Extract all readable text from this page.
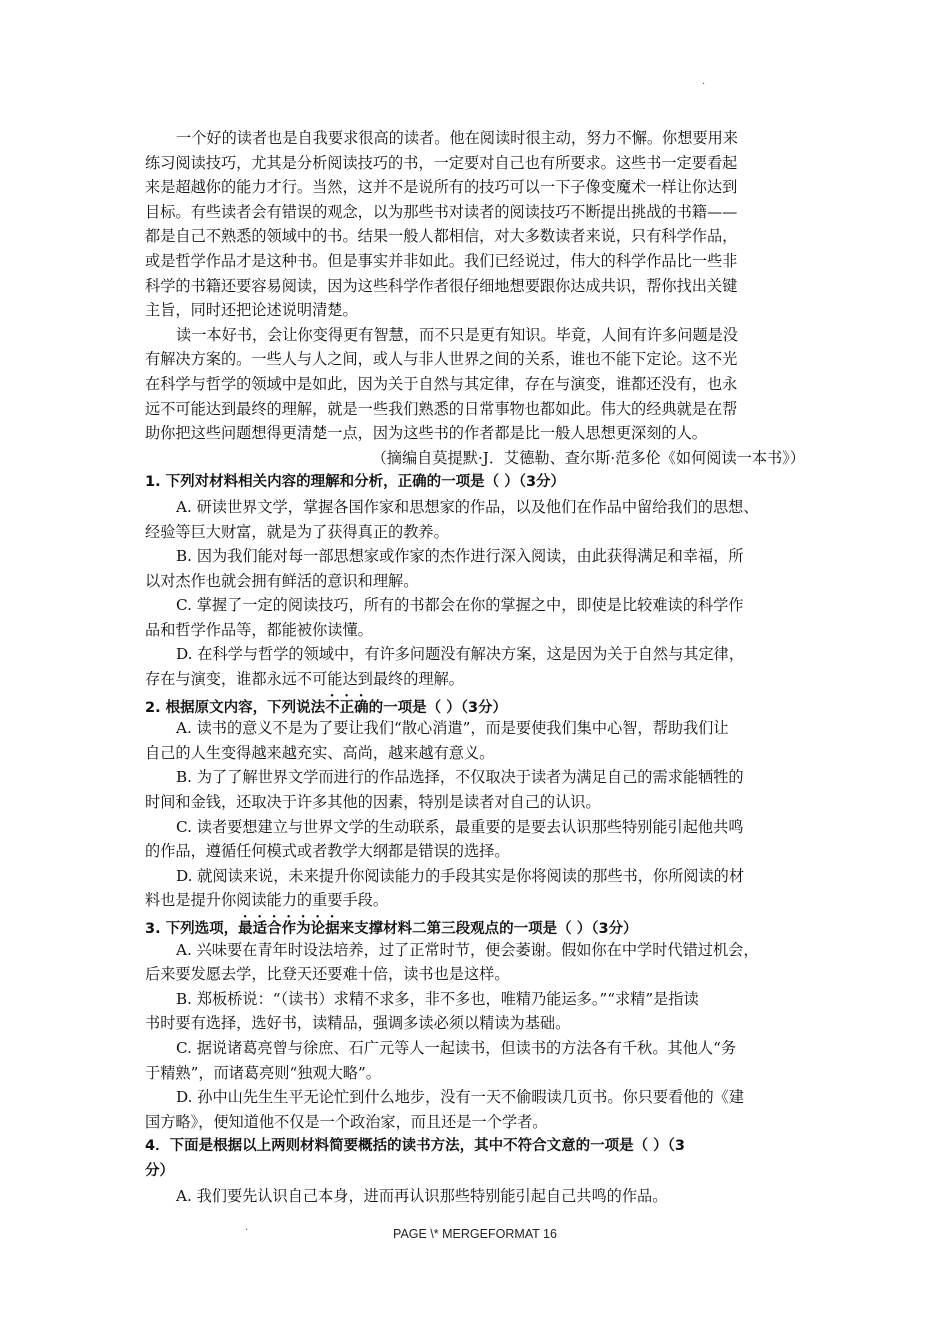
.
.
一个好的读者也是自我要求很高的读者。他在阅读时很主动，努力不懈。你想要用来
练习阅读技巧，尤其是分析阅读技巧的书，一定要对自己也有所要求。这些书一定要看起
来是超越你的能力才行。当然，这并不是说所有的技巧可以一下子像变魔术一样让你达到
目标。有些读者会有错误的观念，以为那些书对读者的阅读技巧不断提出挑战的书籍——
都是自己不熟悉的领域中的书。结果一般人都相信，对大多数读者来说，只有科学作品，
或是哲学作品才是这种书。但是事实并非如此。我们已经说过，伟大的科学作品比一些非
科学的书籍还要容易阅读，因为这些科学作者很仔细地想要跟你达成共识，帮你找出关键
主旨，同时还把论述说明清楚。
读一本好书，会让你变得更有智慧，而不只是更有知识。毕竟，人间有许多问题是没
有解决方案的。一些人与人之间，或人与非人世界之间的关系，谁也不能下定论。这不光
在科学与哲学的领域中是如此，因为关于自然与其定律，存在与演变，谁都还没有，也永
远不可能达到最终的理解，就是一些我们熟悉的日常事物也都如此。伟大的经典就是在帮
助你把这些问题想得更清楚一点，因为这些书的作者都是比一般人思想更深刻的人。
（摘编自莫提默·J．艾德勒、查尔斯·范多伦《如何阅读一本书》）
1. 下列对材料相关内容的理解和分析，正确的一项是（ ）（3分）
A. 研读世界文学，掌握各国作家和思想家的作品，以及他们在作品中留给我们的思想、
经验等巨大财富，就是为了获得真正的教养。
B. 因为我们能对每一部思想家或作家的杰作进行深入阅读，由此获得满足和幸福，所
以对杰作也就会拥有鲜活的意识和理解。
C. 掌握了一定的阅读技巧，所有的书都会在你的掌握之中，即使是比较难读的科学作
品和哲学作品等，都能被你读懂。
D. 在科学与哲学的领域中，有许多问题没有解决方案，这是因为关于自然与其定律，
存在与演变，谁都永远不可能达到最终的理解。
2. 根据原文内容，下列说法不正确的一项是（ ）（3分）
A. 读书的意义不是为了要让我们“散心消遣”，而是要使我们集中心智，帮助我们让
自己的人生变得越来越充实、高尚，越来越有意义。
B. 为了了解世界文学而进行的作品选择，不仅取决于读者为满足自己的需求能牺牲的
时间和金钱，还取决于许多其他的因素，特别是读者对自己的认识。
C. 读者要想建立与世界文学的生动联系，最重要的是要去认识那些特别能引起他共鸣
的作品，遵循任何模式或者教学大纲都是错误的选择。
D. 就阅读来说，未来提升你阅读能力的手段其实是你将阅读的那些书，你所阅读的材
料也是提升你阅读能力的重要手段。
3. 下列选项，最适合作为论据来支撑材料二第三段观点的一项是（ ）（3分）
A. 兴味要在青年时设法培养，过了正常时节，便会萎谢。假如你在中学时代错过机会，
后来要发愿去学，比登天还要难十倍，读书也是这样。
B. 郑板桥说：“（读书）求精不求多，非不多也，唯精乃能运多。”“求精”是指读
书时要有选择，选好书，读精品，强调多读必须以精读为基础。
C. 据说诸葛亮曾与徐庶、石广元等人一起读书，但读书的方法各有千秋。其他人“务
于精熟”，而诸葛亮则“独观大略”。
D. 孙中山先生生平无论忙到什么地步，没有一天不偷暇读几页书。你只要看他的《建
国方略》，便知道他不仅是一个政治家，而且还是一个学者。
4．下面是根据以上两则材料简要概括的读书方法，其中不符合文意的一项是（ ）（3
分）
A. 我们要先认识自己本身，进而再认识那些特别能引起自己共鸣的作品。
PAGE \* MERGEFORMAT 16
